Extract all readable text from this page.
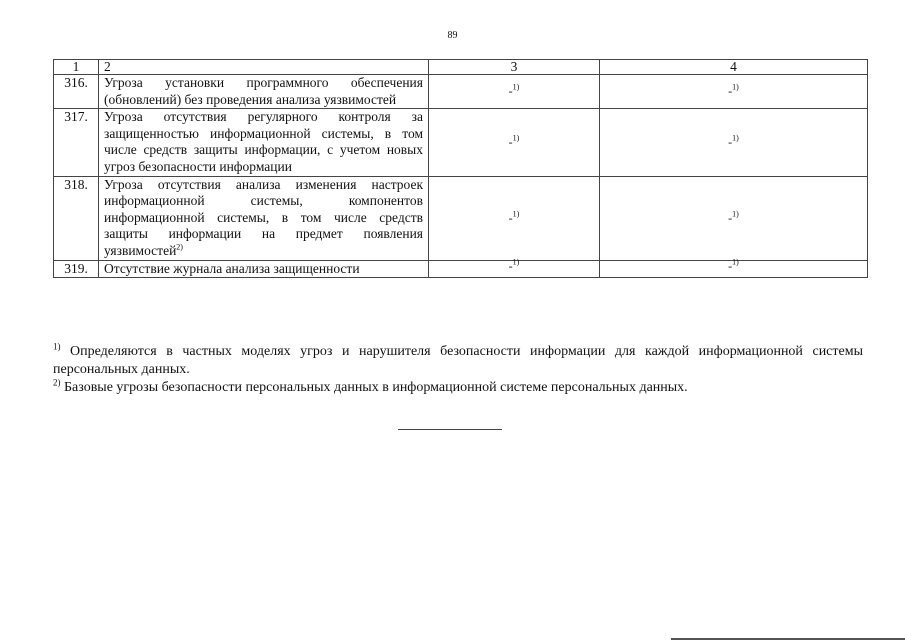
89
1	2	3	4
316.	Угроза установки программного обеспечения (обновлений) без проведения анализа уязвимостей	-$^{1)}$	-$^{1)}$
317.	Угроза отсутствия регулярного контроля за защищенностью информационной системы, в том числе средств защиты информации, с учетом новых угроз безопасности информации	-$^{1)}$	-$^{1)}$
318.	Угроза отсутствия анализа изменения настроек информационной системы, компонентов информационной системы, в том числе средств защиты информации на предмет появления уязвимостей$^{2)}$	-$^{1)}$	-$^{1)}$
319.	Отсутствие журнала анализа защищенности	-$^{1)}$	-$^{1)}$

$^{1)}$ Определяются в частных моделях угроз и нарушителя безопасности информации для каждой информационной системы персональных данных.

$^{2)}$ Базовые угрозы безопасности персональных данных в информационной системе персональных данных.
